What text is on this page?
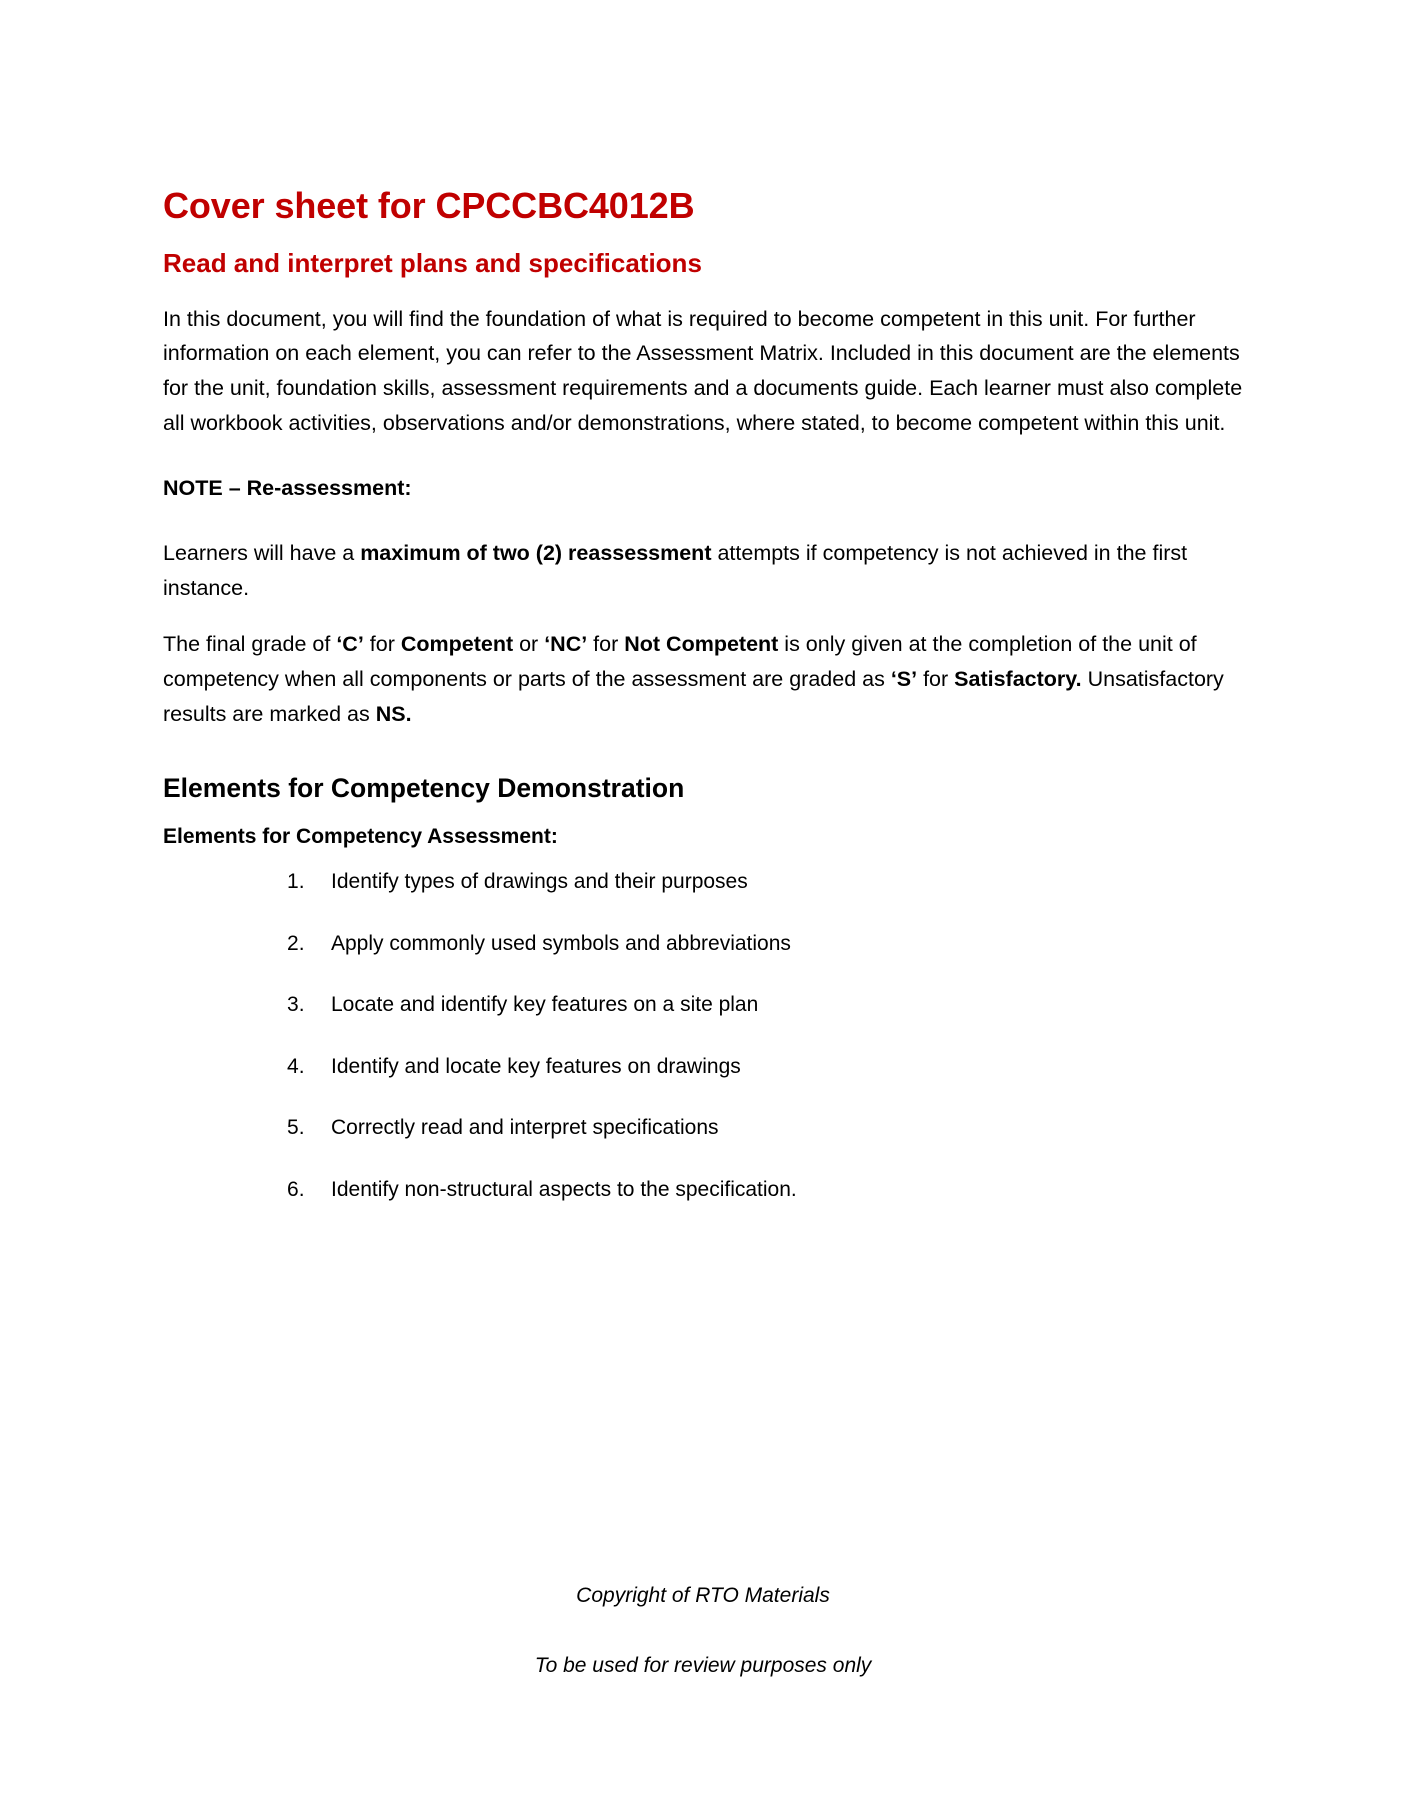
Cover sheet for CPCCBC4012B
Read and interpret plans and specifications

In this document, you will find the foundation of what is required to become competent in this unit. For further information on each element, you can refer to the Assessment Matrix. Included in this document are the elements for the unit, foundation skills, assessment requirements and a documents guide. Each learner must also complete all workbook activities, observations and/or demonstrations, where stated, to become competent within this unit.

NOTE – Re-assessment:

Learners will have a maximum of two (2) reassessment attempts if competency is not achieved in the first instance.

The final grade of ‘C’ for Competent or ‘NC’ for Not Competent is only given at the completion of the unit of competency when all components or parts of the assessment are graded as ‘S’ for Satisfactory. Unsatisfactory results are marked as NS.

Elements for Competency Demonstration

Elements for Competency Assessment:

Identify types of drawings and their purposes
Apply commonly used symbols and abbreviations
Locate and identify key features on a site plan
Identify and locate key features on drawings
Correctly read and interpret specifications
Identify non-structural aspects to the specification.

Copyright of RTO Materials

To be used for review purposes only
